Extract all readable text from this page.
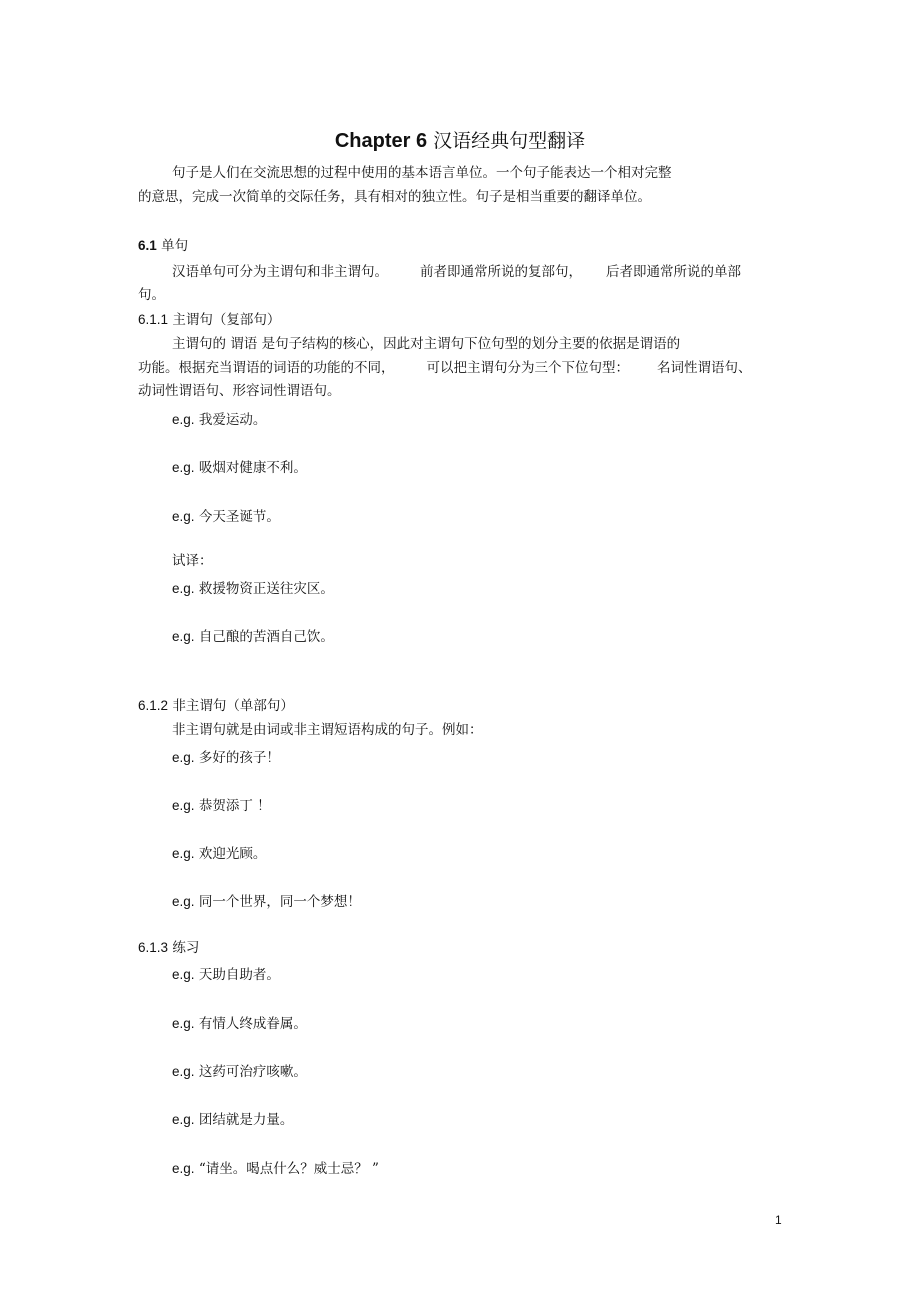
Chapter 6 汉语经典句型翻译
句子是人们在交流思想的过程中使用的基本语言单位。一个句子能表达一个相对完整
的意思，完成一次简单的交际任务，具有相对的独立性。句子是相当重要的翻译单位。
6.1 单句
汉语单句可分为主谓句和非主谓句。 前者即通常所说的复部句， 后者即通常所说的单部
句。
6.1.1 主谓句（复部句）
主谓句的 谓语 是句子结构的核心，因此对主谓句下位句型的划分主要的依据是谓语的
功能。根据充当谓语的词语的功能的不同， 可以把主谓句分为三个下位句型： 名词性谓语句、
动词性谓语句、形容词性谓语句。
e.g. 我爱运动。
e.g. 吸烟对健康不利。
e.g. 今天圣诞节。
试译：
e.g. 救援物资正送往灾区。
e.g. 自己酿的苦酒自己饮。
6.1.2 非主谓句（单部句）
非主谓句就是由词或非主谓短语构成的句子。例如：
e.g. 多好的孩子！
e.g. 恭贺添丁 ！
e.g. 欢迎光顾。
e.g. 同一个世界，同一个梦想！
6.1.3 练习
e.g. 天助自助者。
e.g. 有情人终成眷属。
e.g. 这药可治疗咳嗽。
e.g. 团结就是力量。
e.g. “请坐。喝点什么？威士忌？ ”
1
